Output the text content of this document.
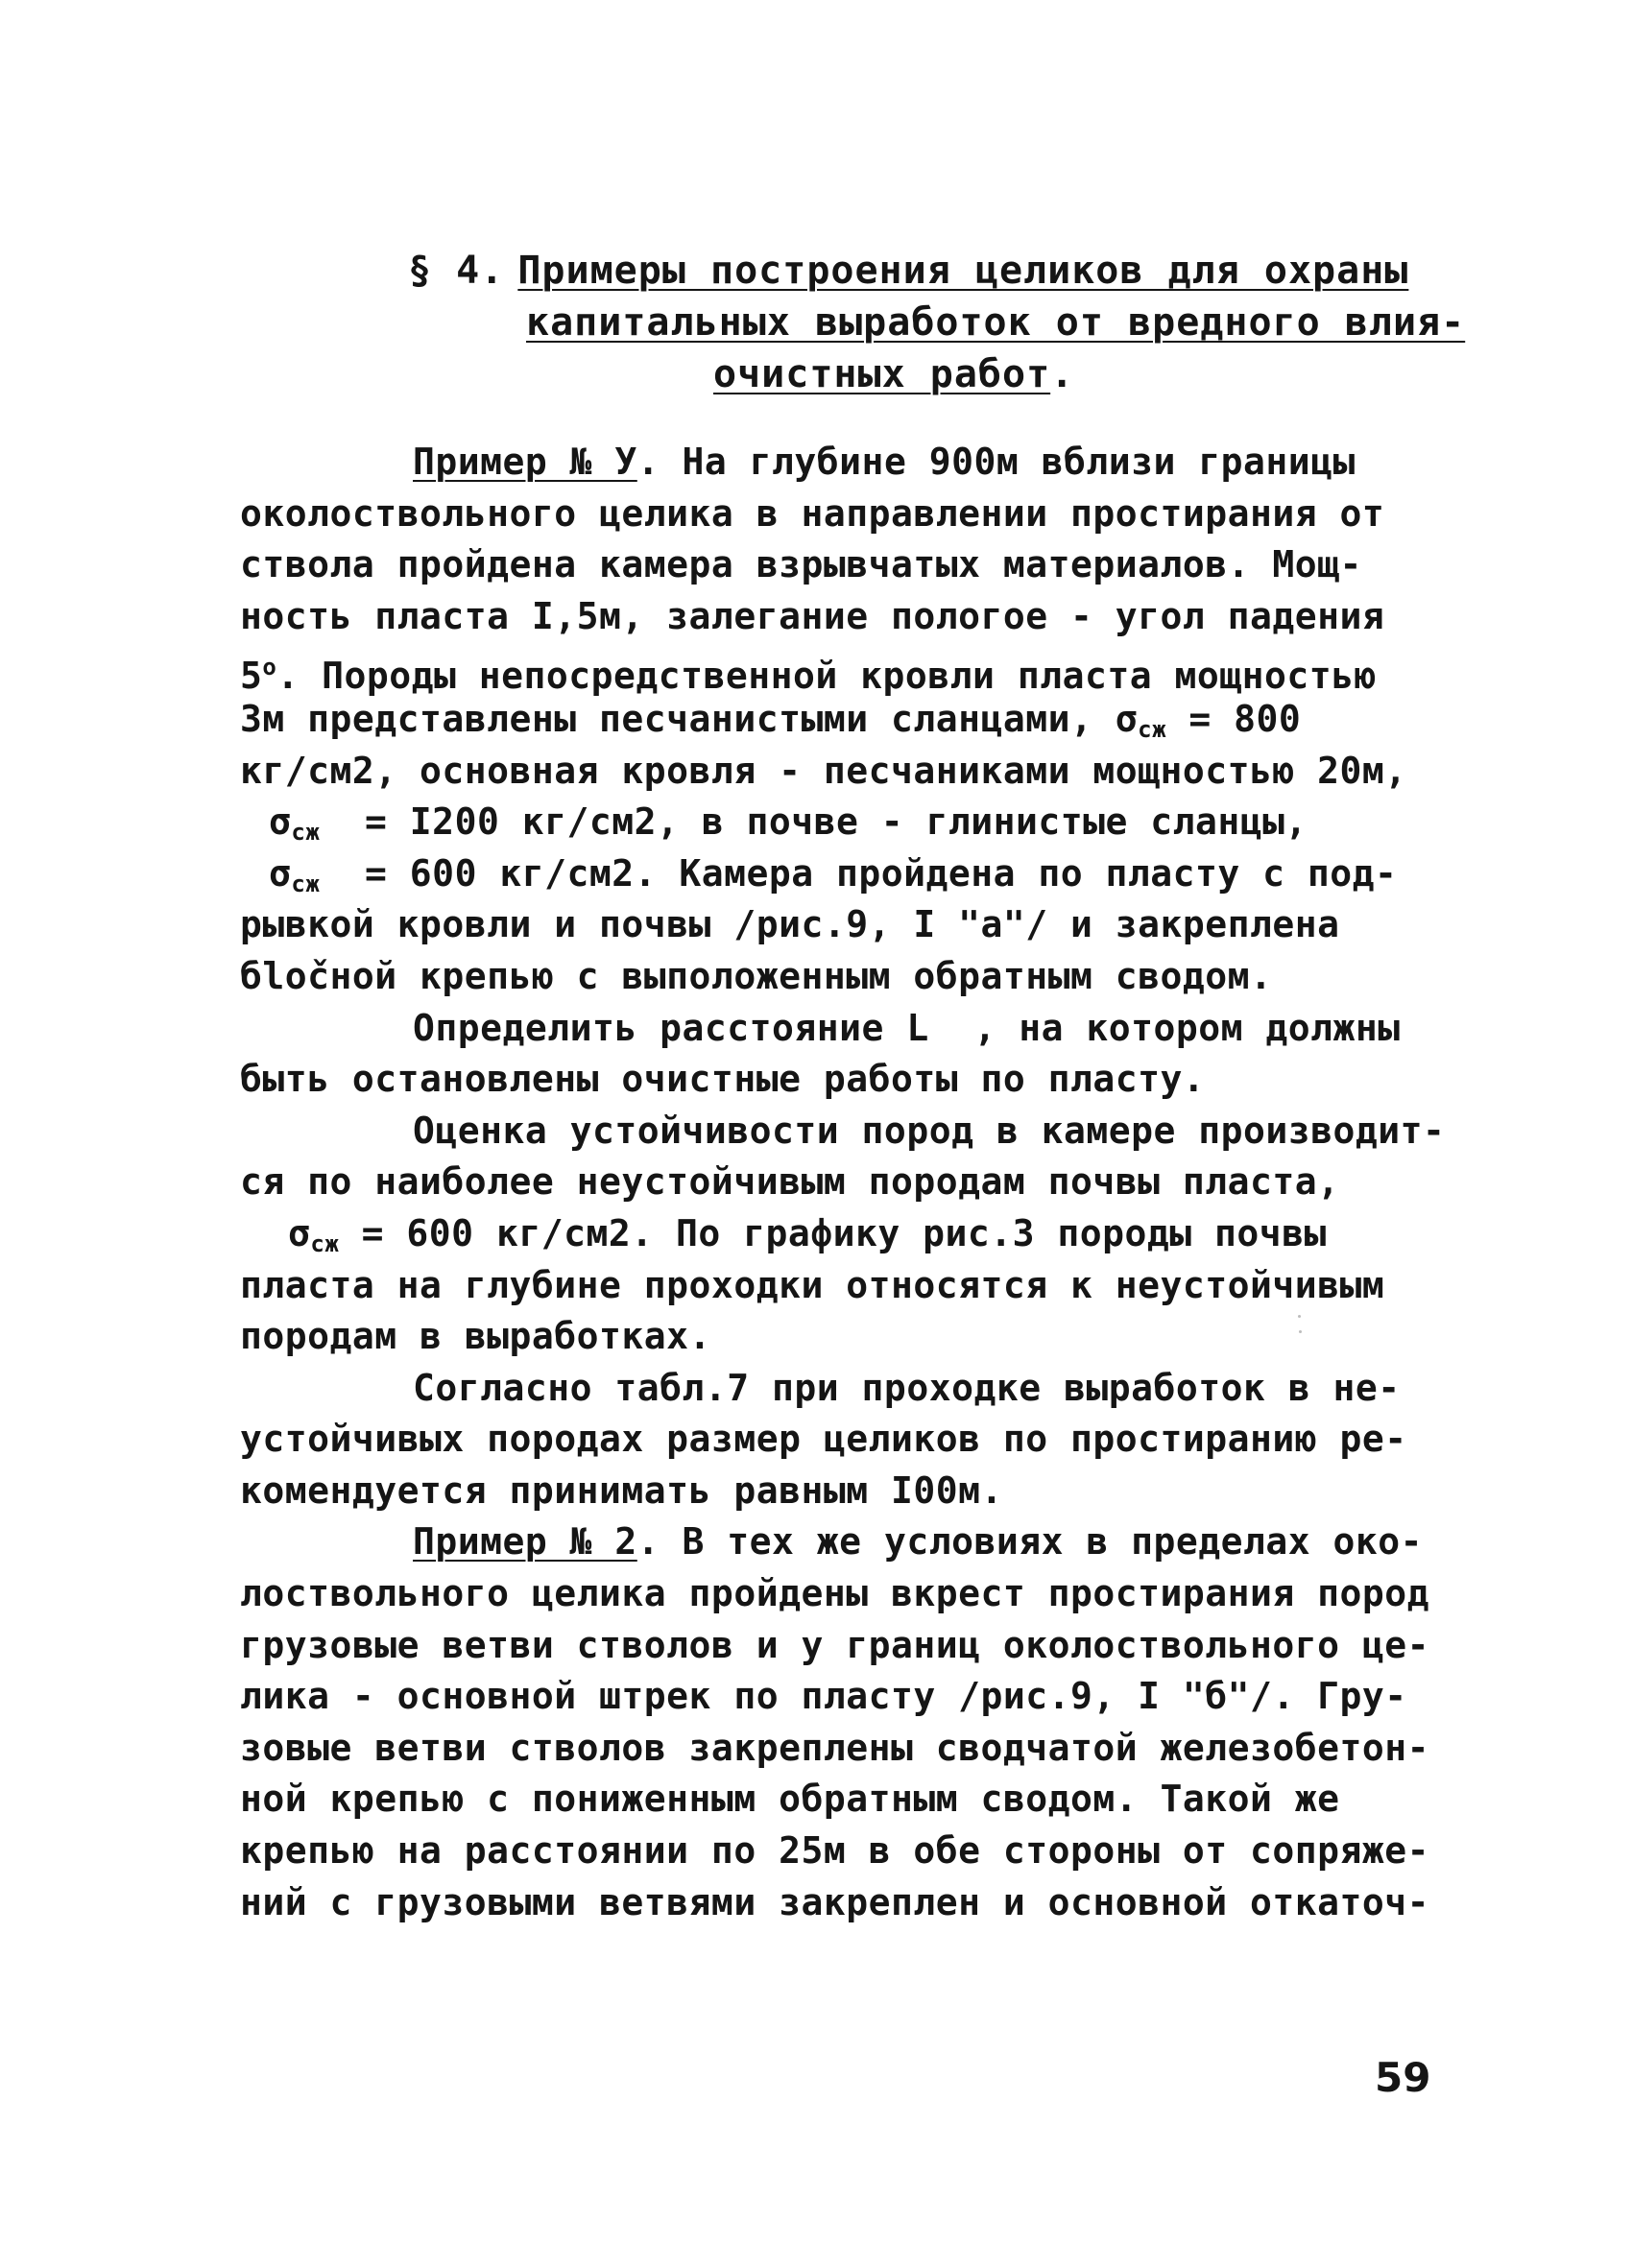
§ 4. Примеры построения целиков для охраны
капитальных выработок от вредного влия-
очистных работ.
Пример № У. На глубине 900м вблизи границы
околоствольного целика в направлении простирания от
ствола пройдена камера взрывчатых материалов. Мощ-
ность пласта I,5м, залегание пологое - угол падения
$5^о$. Породы непосредственной кровли пласта мощностью
3м представлены песчанистыми сланцами, $\sigma_{сж} = 800$
кг/см2, основная кровля - песчаниками мощностью 20м,
$\sigma_{сж} = I200$ кг/см2, в почве - глинистые сланцы,
$\sigma_{сж} = 600$ кг/см2. Камера пройдена по пласту с под-
рывкой кровли и почвы /рис.9, I "а"/ и закреплена
бločной крепью с выположенным обратным сводом.
Определить расстояние L  , на котором должны
быть остановлены очистные работы по пласту.
Оценка устойчивости пород в камере производит-
ся по наиболее неустойчивым породам почвы пласта,
$\sigma_{сж} = 600$ кг/см2. По графику рис.3 породы почвы
пласта на глубине проходки относятся к неустойчивым
породам в выработках.
Согласно табл.7 при проходке выработок в не-
устойчивых породах размер целиков по простиранию ре-
комендуется принимать равным I00м.
Пример № 2. В тех же условиях в пределах око-
лоствольного целика пройдены вкрест простирания пород
грузовые ветви стволов и у границ околоствольного це-
лика - основной штрек по пласту /рис.9, I "б"/. Гру-
зовые ветви стволов закреплены сводчатой железобетон-
ной крепью с пониженным обратным сводом. Такой же
крепью на расстоянии по 25м в обе стороны от сопряже-
ний с грузовыми ветвями закреплен и основной откаточ-
59
